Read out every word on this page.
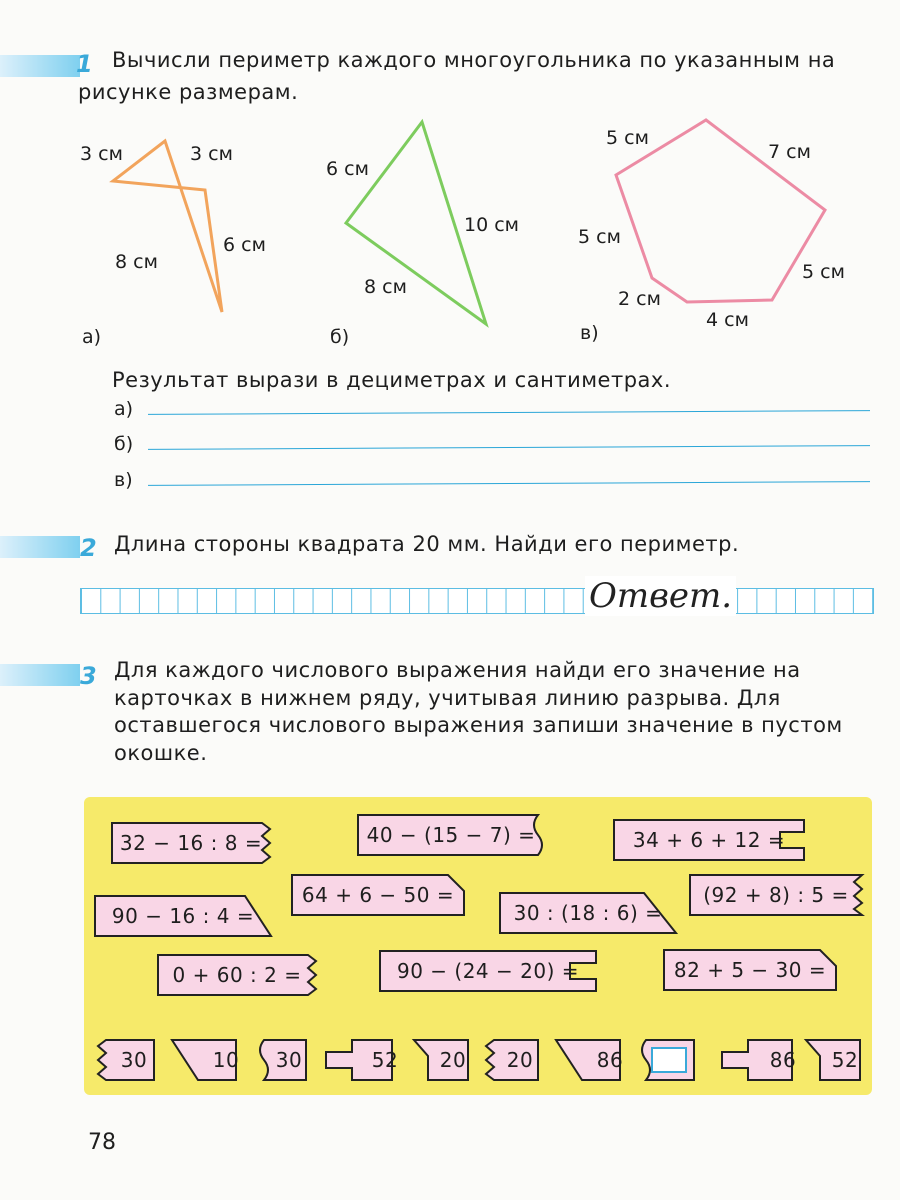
1 Вычисли периметр каждого многоугольника по указанным на
рисунке размерам.
3 см	3 см
6 см
8 см
а)
6 см
10 см
8 см
б)
5 см
7 см
5 см
5 см
2 см
4 см
в)
Результат вырази в дециметрах и сантиметрах.
а)
б)
в)
2 Длина стороны квадрата 20 мм. Найди его периметр.
Ответ.
3 Для каждого числового выражения найди его значение на
карточках в нижнем ряду, учитывая линию разрыва. Для
оставшегося числового выражения запиши значение в пустом
окошке.
32 − 16 : 8 =	40 − (15 − 7) =	34 + 6 + 12 =
64 + 6 − 50 =
90 − 16 : 4 =	30 : (18 : 6) =
(92 + 8) : 5 =
0 + 60 : 2 =	90 − (24 − 20) =	82 + 5 − 30 =
30	10	30	52	20	20	86	86	52
78
